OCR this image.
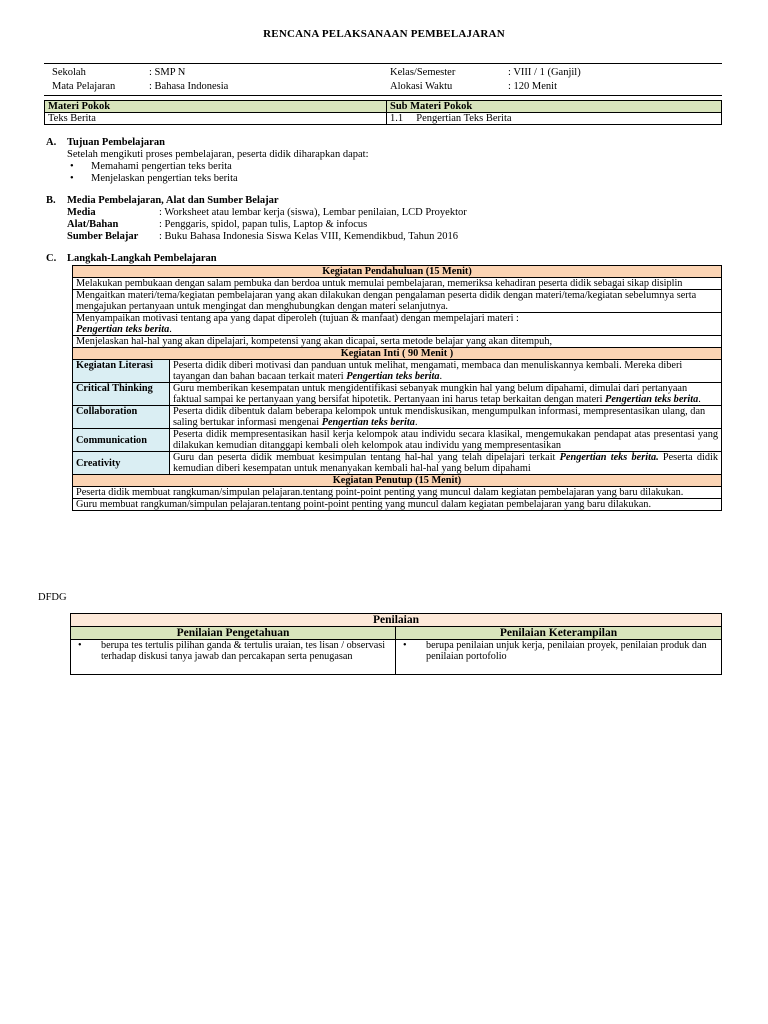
RENCANA PELAKSANAAN PEMBELAJARAN
Sekolah	: SMP N	Kelas/Semester	: VIII / 1 (Ganjil)
Mata Pelajaran	: Bahasa Indonesia	Alokasi Waktu	: 120 Menit
Materi Pokok	Sub Materi Pokok
Teks Berita	1.1     Pengertian Teks Berita
A. Tujuan Pembelajaran
Setelah mengikuti proses pembelajaran, peserta didik diharapkan dapat:
• Memahami pengertian teks berita
• Menjelaskan pengertian teks berita
B. Media Pembelajaran, Alat dan Sumber Belajar
Media	: Worksheet atau lembar kerja (siswa), Lembar penilaian, LCD Proyektor
Alat/Bahan	: Penggaris, spidol, papan tulis, Laptop & infocus
Sumber Belajar : Buku Bahasa Indonesia Siswa Kelas VIII, Kemendikbud, Tahun 2016
C. Langkah-Langkah Pembelajaran
Kegiatan Pendahuluan (15 Menit)	
Melakukan pembukaan dengan salam pembuka dan berdoa untuk memulai pembelajaran, memeriksa kehadiran peserta didik sebagai sikap disiplin	
Mengaitkan materi/tema/kegiatan pembelajaran yang akan dilakukan dengan pengalaman peserta didik dengan materi/tema/kegiatan sebelumnya serta mengajukan pertanyaan untuk mengingat dan menghubungkan dengan materi selanjutnya.	
Menyampaikan motivasi tentang apa yang dapat diperoleh (tujuan & manfaat) dengan mempelajari materi :
Pengertian teks berita.	
Menjelaskan hal-hal yang akan dipelajari, kompetensi yang akan dicapai, serta metode belajar yang akan ditempuh,	
Kegiatan Inti ( 90 Menit )	
Kegiatan Literasi	Peserta didik diberi motivasi dan panduan untuk melihat, mengamati, membaca dan menuliskannya kembali. Mereka diberi tayangan dan bahan bacaan terkait materi Pengertian teks berita.
Critical Thinking	Guru memberikan kesempatan untuk mengidentifikasi sebanyak mungkin hal yang belum dipahami, dimulai dari pertanyaan faktual sampai ke pertanyaan yang bersifat hipotetik. Pertanyaan ini harus tetap berkaitan dengan materi Pengertian teks berita.
Collaboration	Peserta didik dibentuk dalam beberapa kelompok untuk mendiskusikan, mengumpulkan informasi, mempresentasikan ulang, dan saling bertukar informasi mengenai Pengertian teks berita.
Communication	Peserta didik mempresentasikan hasil kerja kelompok atau individu secara klasikal, mengemukakan pendapat atas presentasi yang dilakukan kemudian ditanggapi kembali oleh kelompok atau individu yang mempresentasikan
Creativity	Guru dan peserta didik membuat kesimpulan tentang hal-hal yang telah dipelajari terkait Pengertian teks berita. Peserta didik kemudian diberi kesempatan untuk menanyakan kembali hal-hal yang belum dipahami
Kegiatan Penutup (15 Menit)	
Peserta didik membuat rangkuman/simpulan pelajaran.tentang point-point penting yang muncul dalam kegiatan pembelajaran yang baru dilakukan.	
Guru membuat rangkuman/simpulan pelajaran.tentang point-point penting yang muncul dalam kegiatan pembelajaran yang baru dilakukan.	
DFDG
Penilaian	
Penilaian Pengetahuan	Penilaian Keterampilan

• berupa tes tertulis pilihan ganda & tertulis uraian, tes lisan / observasi terhadap diskusi tanya jawab dan percakapan serta penugasan	• berupa penilaian unjuk kerja, penilaian proyek, penilaian produk dan penilaian portofolio
